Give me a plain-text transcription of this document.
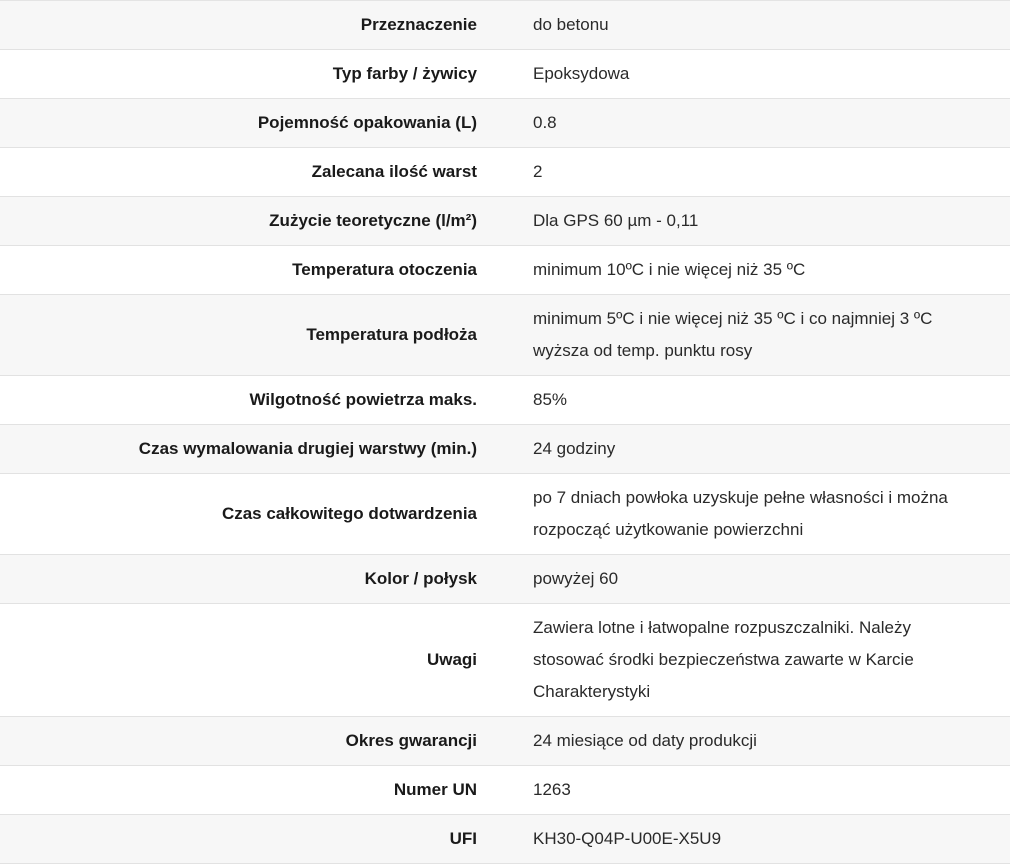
Przeznaczenie	do betonu
Typ farby / żywicy	Epoksydowa
Pojemność opakowania (L)	0.8
Zalecana ilość warst	2
Zużycie teoretyczne (l/m²)	Dla GPS 60 µm - 0,11
Temperatura otoczenia	minimum 10ºC i nie więcej niż 35 ºC
Temperatura podłoża	minimum 5ºC i nie więcej niż 35 ºC i co najmniej 3 ºC wyższa od temp. punktu rosy
Wilgotność powietrza maks.	85%
Czas wymalowania drugiej warstwy (min.)	24 godziny
Czas całkowitego dotwardzenia	po 7 dniach powłoka uzyskuje pełne własności i można rozpocząć użytkowanie powierzchni
Kolor / połysk	powyżej 60
Uwagi	Zawiera lotne i łatwopalne rozpuszczalniki. Należy stosować środki bezpieczeństwa zawarte w Karcie Charakterystyki
Okres gwarancji	24 miesiące od daty produkcji
Numer UN	1263
UFI	KH30-Q04P-U00E-X5U9
